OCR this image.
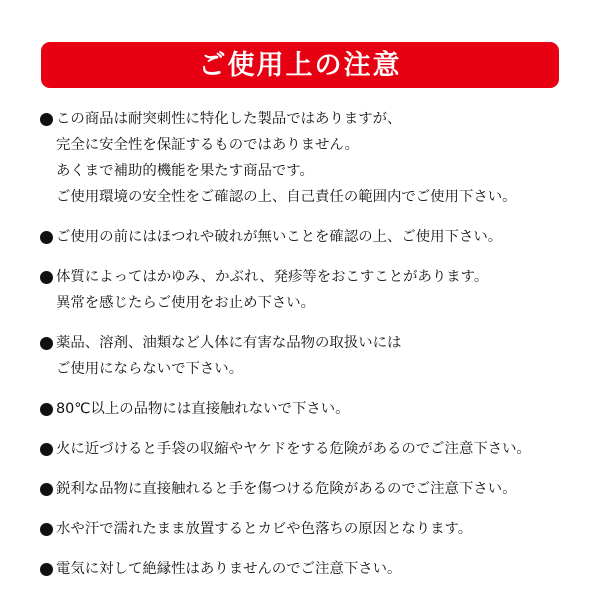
ご使用上の注意
この商品は耐突刺性に特化した製品ではありますが、
完全に安全性を保証するものではありません。
あくまで補助的機能を果たす商品です。
ご使用環境の安全性をご確認の上、自己責任の範囲内でご使用下さい。
ご使用の前にはほつれや破れが無いことを確認の上、ご使用下さい。
体質によってはかゆみ、かぶれ、発疹等をおこすことがあります。
異常を感じたらご使用をお止め下さい。
薬品、溶剤、油類など人体に有害な品物の取扱いには
ご使用にならないで下さい。
80℃以上の品物には直接触れないで下さい。
火に近づけると手袋の収縮やヤケドをする危険があるのでご注意下さい。
鋭利な品物に直接触れると手を傷つける危険があるのでご注意下さい。
水や汗で濡れたまま放置するとカビや色落ちの原因となります。
電気に対して絶縁性はありませんのでご注意下さい。
